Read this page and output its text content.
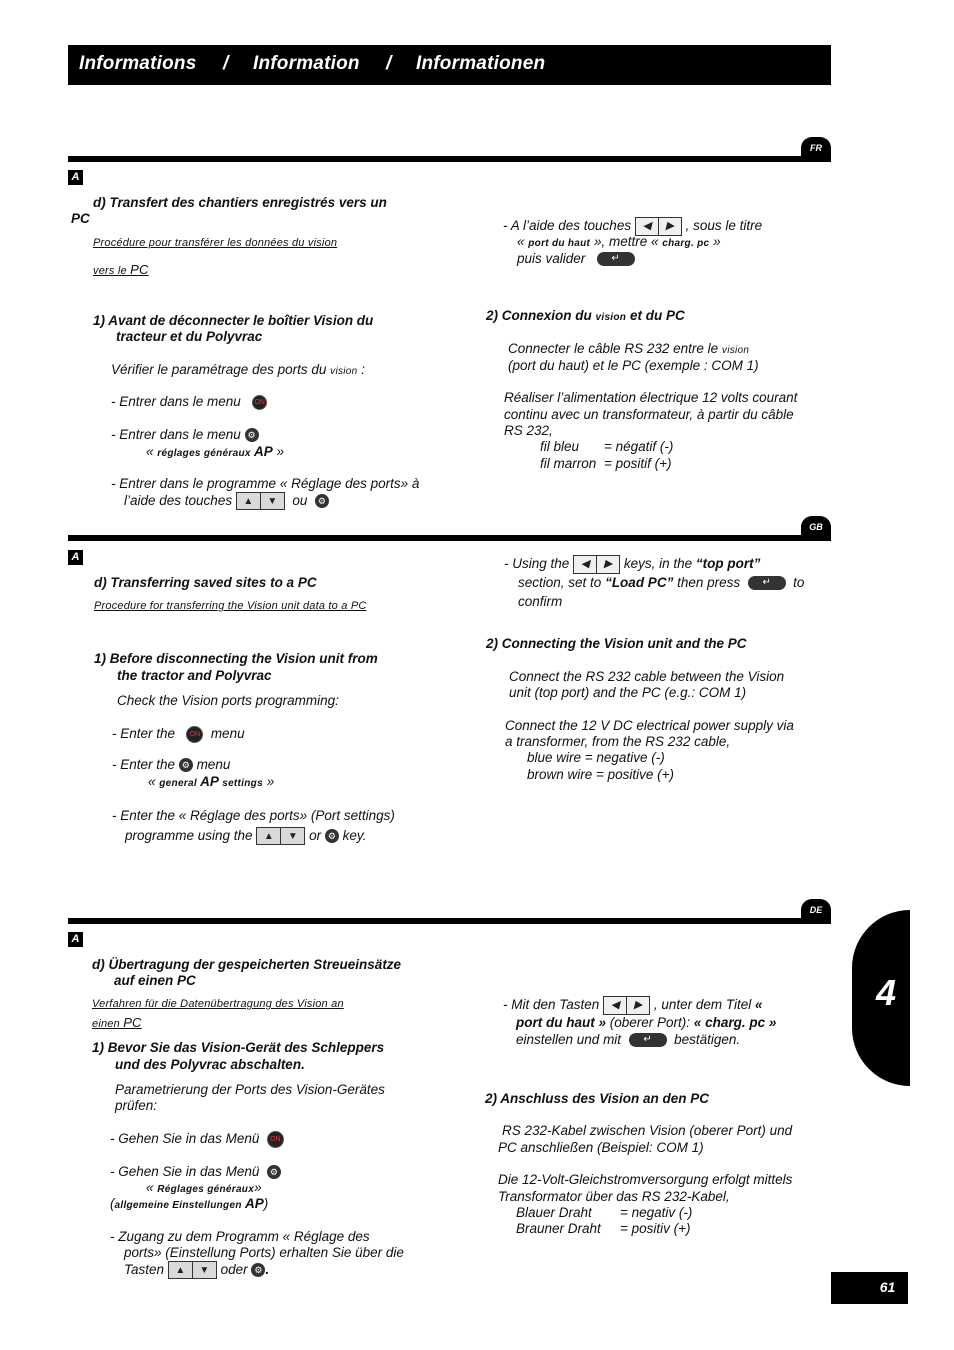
Informations / Information / Informationen
FR
A
d) Transfert des chantiers enregistrés vers un
PC
Procédure pour transférer les données du vision
vers le PC
1) Avant de déconnecter le boîtier Vision du
tracteur et du Polyvrac
Vérifier le paramétrage des ports du vision :
- Entrer dans le menu ON
- Entrer dans le menu ⚙
« réglages généraux AP »
- Entrer dans le programme « Réglage des ports» à
l’aide des touches	▲	▼	ou ⚙
- A l’aide des touches	◀	▶ , sous le titre
« port du haut », mettre « charg. pc »
puis valider	↵
2) Connexion du vision et du PC
Connecter le câble RS 232 entre le vision
(port du haut) et le PC (exemple : COM 1)
Réaliser l’alimentation électrique 12 volts courant
continu avec un transformateur, à partir du câble
RS 232,
fil bleu = négatif (-)
fil marron = positif (+)
GB
A
d) Transferring saved sites to a PC
Procedure for transferring the Vision unit data to a PC
1) Before disconnecting the Vision unit from
the tractor and Polyvrac
Check the Vision ports programming:
- Enter the ON menu
- Enter the ⚙ menu
« general AP settings »
- Enter the « Réglage des ports» (Port settings)
programme using the	▲	▼ or ⚙ key.
- Using the	◀	▶ keys, in the “top port”
section, set to “Load PC” then press ↵ to
confirm
2) Connecting the Vision unit and the PC
Connect the RS 232 cable between the Vision
unit (top port) and the PC (e.g.: COM 1)
Connect the 12 V DC electrical power supply via
a transformer, from the RS 232 cable,
blue wire = negative (-)
brown wire = positive (+)
DE
A
d) Übertragung der gespeicherten Streueinsätze
auf einen PC
Verfahren für die Datenübertragung des Vision an
einen PC
1) Bevor Sie das Vision-Gerät des Schleppers
und des Polyvrac abschalten.
Parametrierung der Ports des Vision-Gerätes
prüfen:
- Gehen Sie in das Menü ON
- Gehen Sie in das Menü ⚙
« Réglages généraux»
(allgemeine Einstellungen AP)
- Zugang zu dem Programm « Réglage des
ports» (Einstellung Ports) erhalten Sie über die
Tasten	▲	▼ oder ⚙ .
- Mit den Tasten	◀	▶ , unter dem Titel «
port du haut » (oberer Port): « charg. pc »
einstellen und mit ↵ bestätigen.
2) Anschluss des Vision an den PC
RS 232-Kabel zwischen Vision (oberer Port) und
PC anschließen (Beispiel: COM 1)
Die 12-Volt-Gleichstromversorgung erfolgt mittels
Transformator über das RS 232-Kabel,
Blauer Draht = negativ (-)
Brauner Draht = positiv (+)
4
61
